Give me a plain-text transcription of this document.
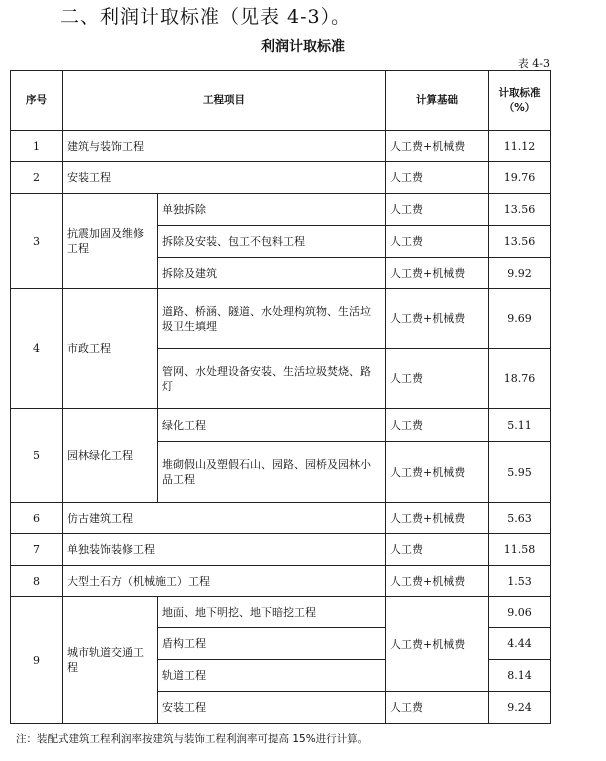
二、利润计取标准（见表 4-3）。
利润计取标准
表 4-3
序号	工程项目		计算基础	计取标准（%）
1	建筑与装饰工程		人工费+机械费	11.12
2	安装工程		人工费	19.76
3	抗震加固及维修工程	单独拆除	人工费	13.56
		拆除及安装、包工不包料工程	人工费	13.56
		拆除及建筑	人工费+机械费	9.92
4	市政工程	道路、桥涵、隧道、水处理构筑物、生活垃圾卫生填埋	人工费+机械费	9.69
		管网、水处理设备安装、生活垃圾焚烧、路灯	人工费	18.76
5	园林绿化工程	绿化工程	人工费	5.11
		堆砌假山及塑假石山、园路、园桥及园林小品工程	人工费+机械费	5.95
6	仿古建筑工程		人工费+机械费	5.63
7	单独装饰装修工程		人工费	11.58
8	大型土石方（机械施工）工程		人工费+机械费	1.53
9	城市轨道交通工程	地面、地下明挖、地下暗挖工程	人工费+机械费	9.06
		盾构工程		4.44
		轨道工程		8.14
		安装工程	人工费	9.24
注：装配式建筑工程利润率按建筑与装饰工程利润率可提高 15%进行计算。
